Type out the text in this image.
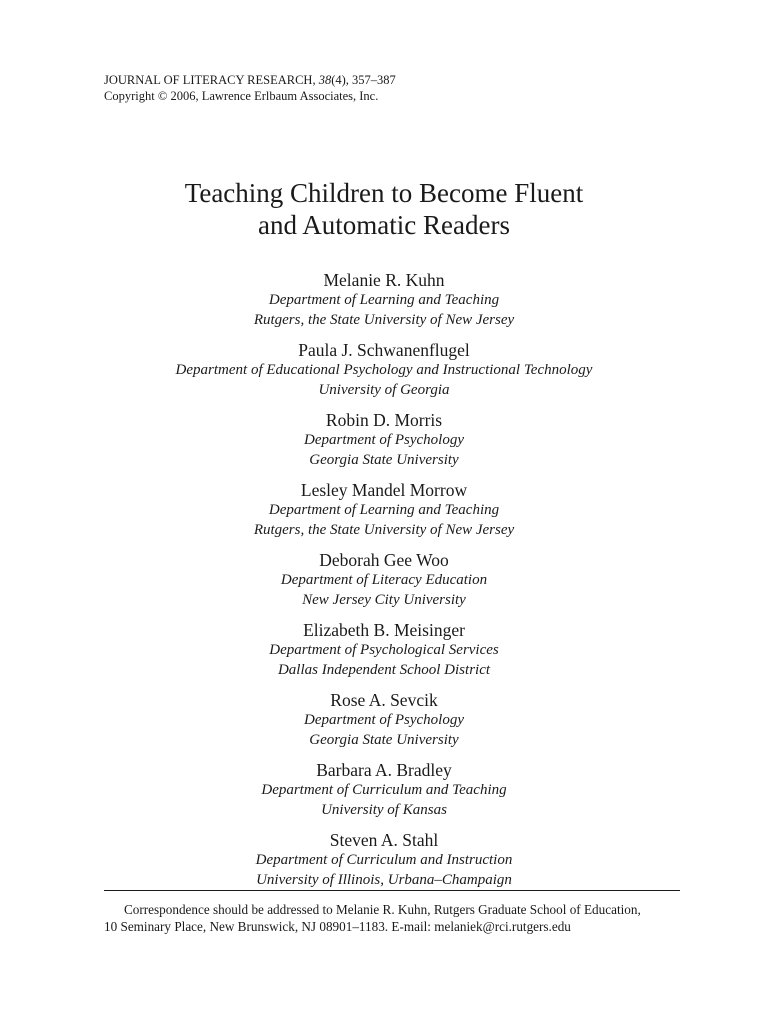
JOURNAL OF LITERACY RESEARCH, 38(4), 357–387
Copyright © 2006, Lawrence Erlbaum Associates, Inc.
Teaching Children to Become Fluent
and Automatic Readers
Melanie R. Kuhn
Department of Learning and Teaching
Rutgers, the State University of New Jersey
Paula J. Schwanenflugel
Department of Educational Psychology and Instructional Technology
University of Georgia
Robin D. Morris
Department of Psychology
Georgia State University
Lesley Mandel Morrow
Department of Learning and Teaching
Rutgers, the State University of New Jersey
Deborah Gee Woo
Department of Literacy Education
New Jersey City University
Elizabeth B. Meisinger
Department of Psychological Services
Dallas Independent School District
Rose A. Sevcik
Department of Psychology
Georgia State University
Barbara A. Bradley
Department of Curriculum and Teaching
University of Kansas
Steven A. Stahl
Department of Curriculum and Instruction
University of Illinois, Urbana–Champaign
Correspondence should be addressed to Melanie R. Kuhn, Rutgers Graduate School of Education,
10 Seminary Place, New Brunswick, NJ 08901–1183. E-mail: melaniek@rci.rutgers.edu
